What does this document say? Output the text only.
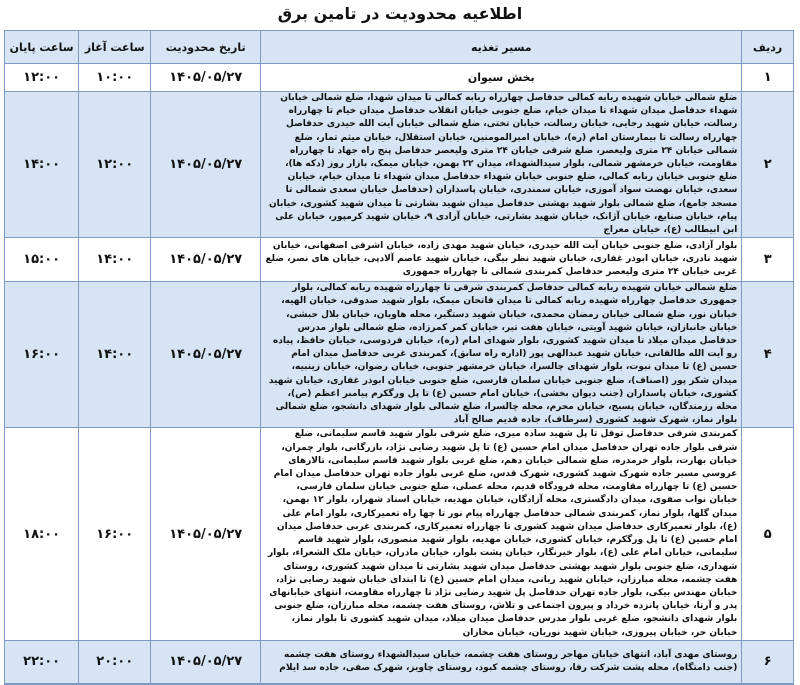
اطلاعیه محدودیت در تامین برق
ردیف	مسیر تغذیه	تاریخ محدودیت	ساعت آغاز	ساعت پایان
۱	بخش سیوان	۱۴۰۵/۰۵/۲۷	۱۰:۰۰	۱۲:۰۰
۲	ضلع شمالی خیابان شهیده ربابه کمالی حدفاصل چهارراه ربابه کمالی تا میدان شهدا، ضلع شمالی خیابان شهداء حدفاصل میدان شهداء تا میدان خیام، ضلع جنوبی خیابان انقلاب حدفاصل میدان خیام تا چهارراه رسالت، خیابان شهید رجایی، خیابان رسالت، خیابان تختی، ضلع شمالی خیابان آیت الله حیدری حدفاصل چهارراه رسالت تا بیمارستان امام (ره)، خیابان امیرالمومنین، خیابان استقلال، خیابان میثم تمار، ضلع شمالی خیابان ۲۴ متری ولیعصر، ضلع شرقی خیابان ۲۴ متری ولیعصر حدفاصل پنج راه جهاد تا چهارراه مقاومت، خیابان خرمشهر شمالی، بلوار سیدالشهداء، میدان ۲۲ بهمن، خیابان میمک، بازار روز (دکه ها)، ضلع جنوبی خیابان ربابه کمالی، ضلع جنوبی خیابان شهداء حدفاصل میدان شهداء تا میدان خیام، خیابان سعدی، خیابان نهضت سواد آموزی، خیابان سمندری، خیابان پاسداران (حدفاصل خیابان سعدی شمالی تا مسجد جامع)، ضلع شمالی بلوار شهید بهشتی حدفاصل میدان شهید بشارتی تا میدان شهید کشوری، خیابان پیام، خیابان صنایع، خیابان آژانک، خیابان شهید بشارتی، خیابان آزادی ۹، خیابان شهید کرمپور، خیابان علی ابن ابیطالب (ع)، خیابان معراج	۱۴۰۵/۰۵/۲۷	۱۲:۰۰	۱۴:۰۰
۳	بلوار آزادی، ضلع جنوبی خیابان آیت الله حیدری، خیابان شهید مهدی زاده، خیابان اشرفی اصفهانی، خیابان شهید نادری، خیابان ابوذر غفاری، خیابان شهید نظر بیگی، خیابان شهید عاصم آلادپی، خیابان های نصر، ضلع غربی خیابان ۲۴ متری ولیعصر حدفاصل کمربندی شمالی تا چهارراه جمهوری	۱۴۰۵/۰۵/۲۷	۱۴:۰۰	۱۵:۰۰
۴	ضلع شمالی خیابان شهیده ربابه کمالی حدفاصل کمربندی شرقی تا چهارراه شهیده ربابه کمالی، بلوار جمهوری حدفاصل چهارراه شهیده ربابه کمالی تا میدان فاتحان میمک، بلوار شهید صدوقی، خیابان الهیه، خیابان نور، ضلع شمالی خیابان رمضان محمدی، خیابان شهید دستگیر، محله هاویان، خیابان بلال حبشی، خیابان جانبازان، خیابان شهید آویتی، خیابان هفت تیر، خیابان کمر کمرزاده، ضلع شمالی بلوار مدرس حدفاصل میدان میلاد تا میدان شهید کشوری، بلوار شهدای امام (ره)، خیابان فردوسی، خیابان حافظ، پیاده رو آیت الله طالقانی، خیابان شهید عبدالهی پور (اداره راه سابق)، کمربندی غربی حدفاصل میدان امام حسین (ع) تا میدان نبوت، بلوار شهدای چالسرا، خیابان خرمشهر جنوبی، خیابان رضوان، خیابان زینبیه، میدان شکر پور (اصناف)، ضلع جنوبی خیابان سلمان فارسی، ضلع جنوبی خیابان ابوذر غفاری، خیابان شهید کشوری، خیابان پاسداران (جنب دیوان بخشی)، خیابان امام حسین (ع) تا پل ورگکرم پیامبر اعظم (ص)، محله رزمندگان، خیابان پسیج، خیابان محرم، محله چالسرا، ضلع شمالی بلوار شهدای دانشجو، ضلع شمالی بلوار نماز، شهرک شهید کشوری (سرطاف)، جاده قدیم صالح آباد	۱۴۰۵/۰۵/۲۷	۱۴:۰۰	۱۶:۰۰
۵	کمربندی شرقی حدفاصل توقل تا پل شهید سادہ میری، ضلع شرقی بلوار شهید قاسم سلیمانی، ضلع شرقی بلوار جاده تهران حدفاصل میدان امام حسین (ع) تا پل شهید رضایی نژاد، بازرگانی، بلوار چمران، خیابان بهارت، بلوار خرمدره، ضلع شمالی خیابان دهم، ضلع غربی بلوار شهید قاسم سلیمانی، تالارهای عروسی مسیر جاده شهرک شهید کشوری، شهرک قدس، ضلع غربی بلوار جاده تهران حدفاصل میدان امام حسین (ع) تا چهارراه مقاومت، محله فرودگاه قدیم، محله عصلی، ضلع جنوبی خیابان سلمان فارسی، خیابان نواب صفوی، میدان دادگستری، محله آزادگان، خیابان مهدیه، خیابان اسناد شهرار، بلوار ۱۲ بهمن، میدان گلها، بلوار نماز، کمربندی شمالی حدفاصل چهارراه پیام نور تا چها راه تعمیرکاری، بلوار امام علی (ع)، بلوار تعمیرکاری حدفاصل میدان شهید کشوری تا چهارراه تعمیرکاری، کمربندی غربی حدفاصل میدان امام حسین (ع) تا پل ورگکرم، خیابان کشوری، خیابان مهدیه، بلوار شهید منصوری، بلوار شهید قاسم سلیمانی، خیابان امام علی (ع)، بلوار خیرنگار، خیابان پشت بلوار، خیابان مادران، خیابان ملک الشعراء، بلوار شهداری، ضلع جنوبی بلوار شهید بهشتی حدفاصل میدان شهید بشارتی تا میدان شهید کشوری، روستای هفت چشمه، محله مبارزان، خیابان شهید ربانی، میدان امام حسین (ع) تا ابتدای خیابان شهید رضایی نژاد، خیابان مهندس بیکی، بلوار جاده تهران حدفاصل پل شهید رضایی نژاد تا چهارراه مقاومت، انتهای خیابانهای پدر و آرتا، خیابان پانزده خرداد و پیرون اجتماعی و تلاش، روستای هفت چشمه، محله مبارزان، ضلع جنوبی بلوار شهدای دانشجو، ضلع غربی بلوار مدرس حدفاصل میدان میلاد، میدان شهید کشوری تا بلوار نماز، خیابان حر، خیابان پیروزی، خیابان شهید نوریان، خیابان مخازان	۱۴۰۵/۰۵/۲۷	۱۶:۰۰	۱۸:۰۰
۶	روستای مهدی آباد، انتهای خیابان مهاجر روستای هفت چشمه، خیابان سیدالشهداء روستای هفت چشمه (جنب دامتگاه)، محله پشت شرکت رفا، روستای چشمه کبود، روستای چاویز، شهرک صفی، جاده سد ایلام	۱۴۰۵/۰۵/۲۷	۲۰:۰۰	۲۲:۰۰
